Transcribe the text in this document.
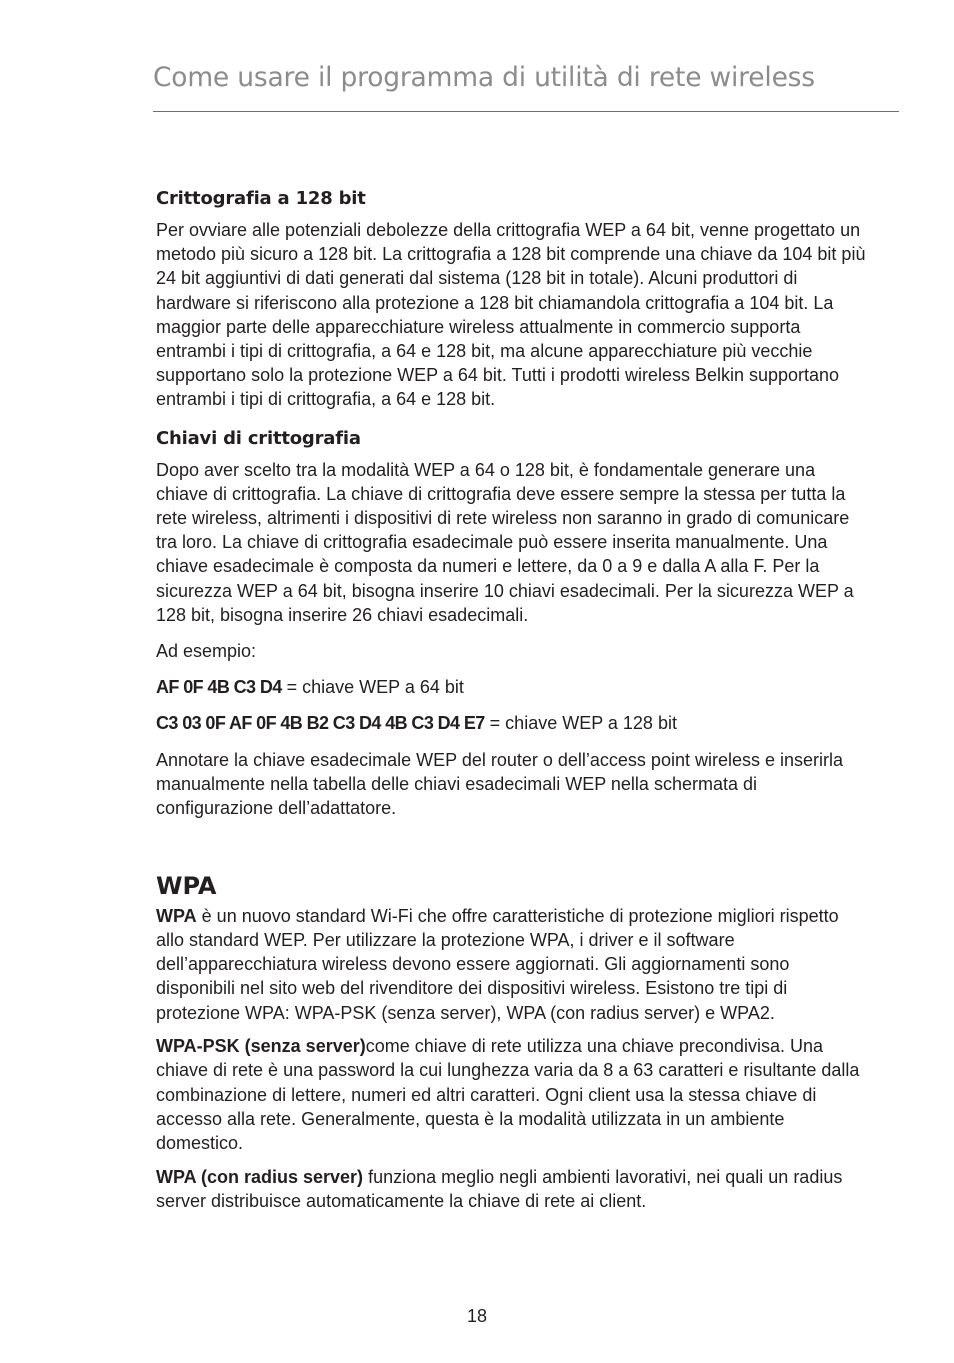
Come usare il programma di utilità di rete wireless
Crittografia a 128 bit

Per ovviare alle potenziali debolezze della crittografia WEP a 64 bit, venne progettato un metodo più sicuro a 128 bit. La crittografia a 128 bit comprende una chiave da 104 bit più 24 bit aggiuntivi di dati generati dal sistema (128 bit in totale). Alcuni produttori di hardware si riferiscono alla protezione a 128 bit chiamandola crittografia a 104 bit. La maggior parte delle apparecchiature wireless attualmente in commercio supporta entrambi i tipi di crittografia, a 64 e 128 bit, ma alcune apparecchiature più vecchie supportano solo la protezione WEP a 64 bit. Tutti i prodotti wireless Belkin supportano entrambi i tipi di crittografia, a 64 e 128 bit.

Chiavi di crittografia

Dopo aver scelto tra la modalità WEP a 64 o 128 bit, è fondamentale generare una chiave di crittografia. La chiave di crittografia deve essere sempre la stessa per tutta la rete wireless, altrimenti i dispositivi di rete wireless non saranno in grado di comunicare tra loro. La chiave di crittografia esadecimale può essere inserita manualmente. Una chiave esadecimale è composta da numeri e lettere, da 0 a 9 e dalla A alla F. Per la sicurezza WEP a 64 bit, bisogna inserire 10 chiavi esadecimali. Per la sicurezza WEP a 128 bit, bisogna inserire 26 chiavi esadecimali.

Ad esempio:

AF 0F 4B C3 D4 = chiave WEP a 64 bit

C3 03 0F AF 0F 4B B2 C3 D4 4B C3 D4 E7 = chiave WEP a 128 bit

Annotare la chiave esadecimale WEP del router o dell’access point wireless e inserirla manualmente nella tabella delle chiavi esadecimali WEP nella schermata di configurazione dell’adattatore.

WPA

WPA è un nuovo standard Wi-Fi che offre caratteristiche di protezione migliori rispetto allo standard WEP. Per utilizzare la protezione WPA, i driver e il software dell’apparecchiatura wireless devono essere aggiornati. Gli aggiornamenti sono disponibili nel sito web del rivenditore dei dispositivi wireless. Esistono tre tipi di protezione WPA: WPA-PSK (senza server), WPA (con radius server) e WPA2.

WPA-PSK (senza server)come chiave di rete utilizza una chiave precondivisa. Una chiave di rete è una password la cui lunghezza varia da 8 a 63 caratteri e risultante dalla combinazione di lettere, numeri ed altri caratteri. Ogni client usa la stessa chiave di accesso alla rete. Generalmente, questa è la modalità utilizzata in un ambiente domestico.

WPA (con radius server) funziona meglio negli ambienti lavorativi, nei quali un radius server distribuisce automaticamente la chiave di rete ai client.

18
